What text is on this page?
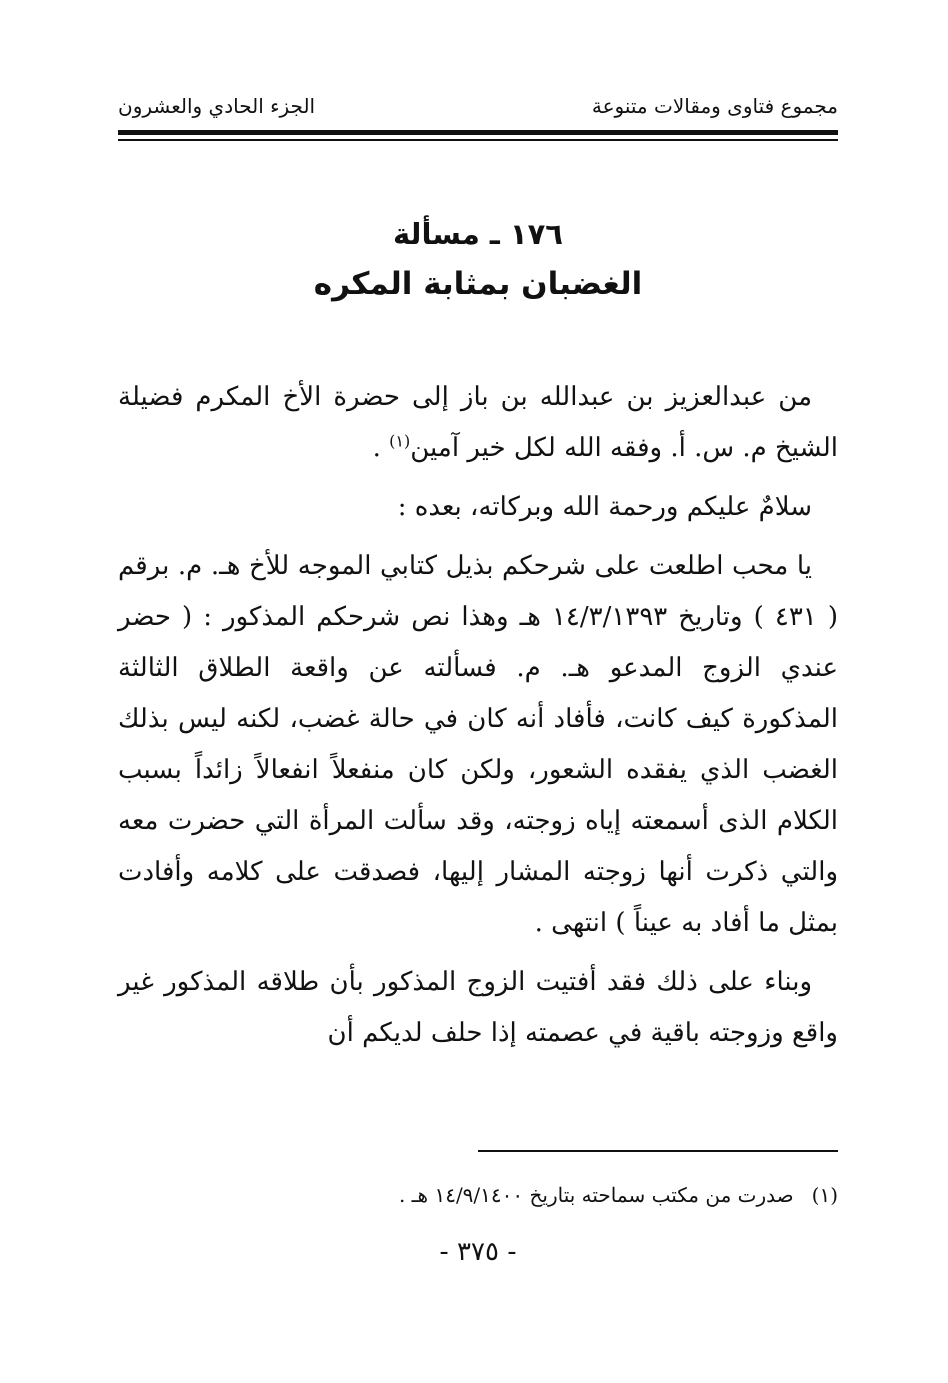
مجموع فتاوى ومقالات متنوعة
الجزء الحادي والعشرون
١٧٦ ـ مسألة
الغضبان بمثابة المكره

من عبدالعزيز بن عبدالله بن باز إلى حضرة الأخ المكرم فضيلة الشيخ م. س. أ. وفقه الله لكل خير آمين$^{(١)}$ .

سلامٌ عليكم ورحمة الله وبركاته، بعده :

يا محب اطلعت على شرحكم بذيل كتابي الموجه للأخ هـ. م. برقم ( ٤٣١ ) وتاريخ ١٤/٣/١٣٩٣ هـ وهذا نص شرحكم المذكور : ( حضر عندي الزوج المدعو هـ. م. فسألته عن واقعة الطلاق الثالثة المذكورة كيف كانت، فأفاد أنه كان في حالة غضب، لكنه ليس بذلك الغضب الذي يفقده الشعور، ولكن كان منفعلاً انفعالاً زائداً بسبب الكلام الذى أسمعته إياه زوجته، وقد سألت المرأة التي حضرت معه والتي ذكرت أنها زوجته المشار إليها، فصدقت على كلامه وأفادت بمثل ما أفاد به عيناً ) انتهى .

وبناء على ذلك فقد أفتيت الزوج المذكور بأن طلاقه المذكور غير واقع وزوجته باقية في عصمته إذا حلف لديكم أن

(١)صدرت من مكتب سماحته بتاريخ ١٤/٩/١٤٠٠ هـ .
- ٣٧٥ -
